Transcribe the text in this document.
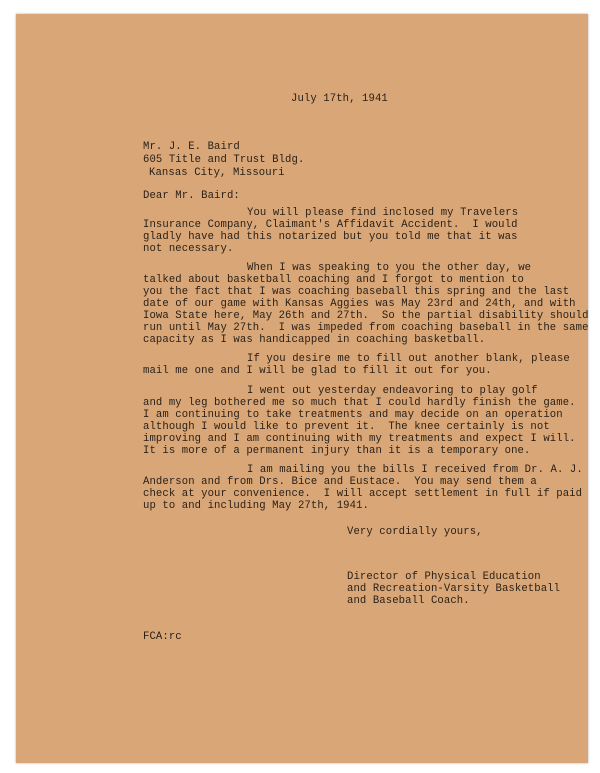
July 17th, 1941
Mr. J. E. Baird
605 Title and Trust Bldg.
Kansas City, Missouri
Dear Mr. Baird:
You will please find inclosed my Travelers
Insurance Company, Claimant's Affidavit Accident.  I would
gladly have had this notarized but you told me that it was
not necessary.
When I was speaking to you the other day, we
talked about basketball coaching and I forgot to mention to
you the fact that I was coaching baseball this spring and the last
date of our game with Kansas Aggies was May 23rd and 24th, and with
Iowa State here, May 26th and 27th.  So the partial disability should
run until May 27th.  I was impeded from coaching baseball in the same
capacity as I was handicapped in coaching basketball.
If you desire me to fill out another blank, please
mail me one and I will be glad to fill it out for you.
I went out yesterday endeavoring to play golf
and my leg bothered me so much that I could hardly finish the game.
I am continuing to take treatments and may decide on an operation
although I would like to prevent it.  The knee certainly is not
improving and I am continuing with my treatments and expect I will.
It is more of a permanent injury than it is a temporary one.
I am mailing you the bills I received from Dr. A. J.
Anderson and from Drs. Bice and Eustace.  You may send them a
check at your convenience.  I will accept settlement in full if paid
up to and including May 27th, 1941.
Very cordially yours,
Director of Physical Education
and Recreation-Varsity Basketball
and Baseball Coach.
FCA:rc
